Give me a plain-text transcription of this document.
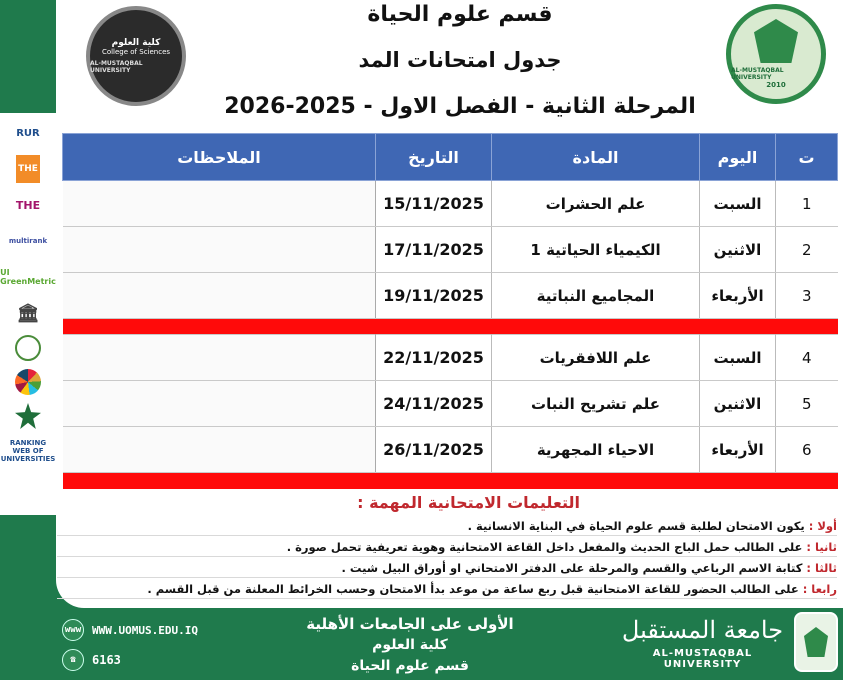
RUR
THE
THE
multirank
UI GreenMetric
🏛
RANKING WEB OF UNIVERSITIES
كلية العلوم
College of Sciences
AL-MUSTAQBAL UNIVERSITY	AL-MUSTAQBAL UNIVERSITY
2010
قسم علوم الحياة
جدول امتحانات المد
المرحلة الثانية - الفصل الاول - 2025-2026
ت	اليوم	المادة	التاريخ	الملاحظات
1	السبت	علم الحشرات	15/11/2025	
2	الاثنين	الكيمياء الحياتية 1	17/11/2025	
3	الأربعاء	المجاميع النباتية	19/11/2025	

4	السبت	علم اللافقريات	22/11/2025	
5	الاثنين	علم تشريح النبات	24/11/2025	
6	الأربعاء	الاحياء المجهرية	26/11/2025	

التعليمات الامتحانية المهمة :
أولا : يكون الامتحان لطلبة قسم علوم الحياة في البناية الانسانية .
ثانيا : على الطالب حمل الباج الحديث والمفعل داخل القاعة الامتحانية وهوية تعريفية تحمل صورة .
ثالثا : كتابة الاسم الرباعي والقسم والمرحلة على الدفتر الامتحاني او أوراق البيل شيت .
رابعا : على الطالب الحضور للقاعة الامتحانية قبل ربع ساعة من موعد بدأ الامتحان وحسب الخرائط المعلنة من قبل القسم .
www WWW.UOMUS.EDU.IQ
☎	6163
الأولى على الجامعات الأهلية
كلية العلوم
قسم علوم الحياة
جامعة المستقبل
AL-MUSTAQBAL UNIVERSITY
